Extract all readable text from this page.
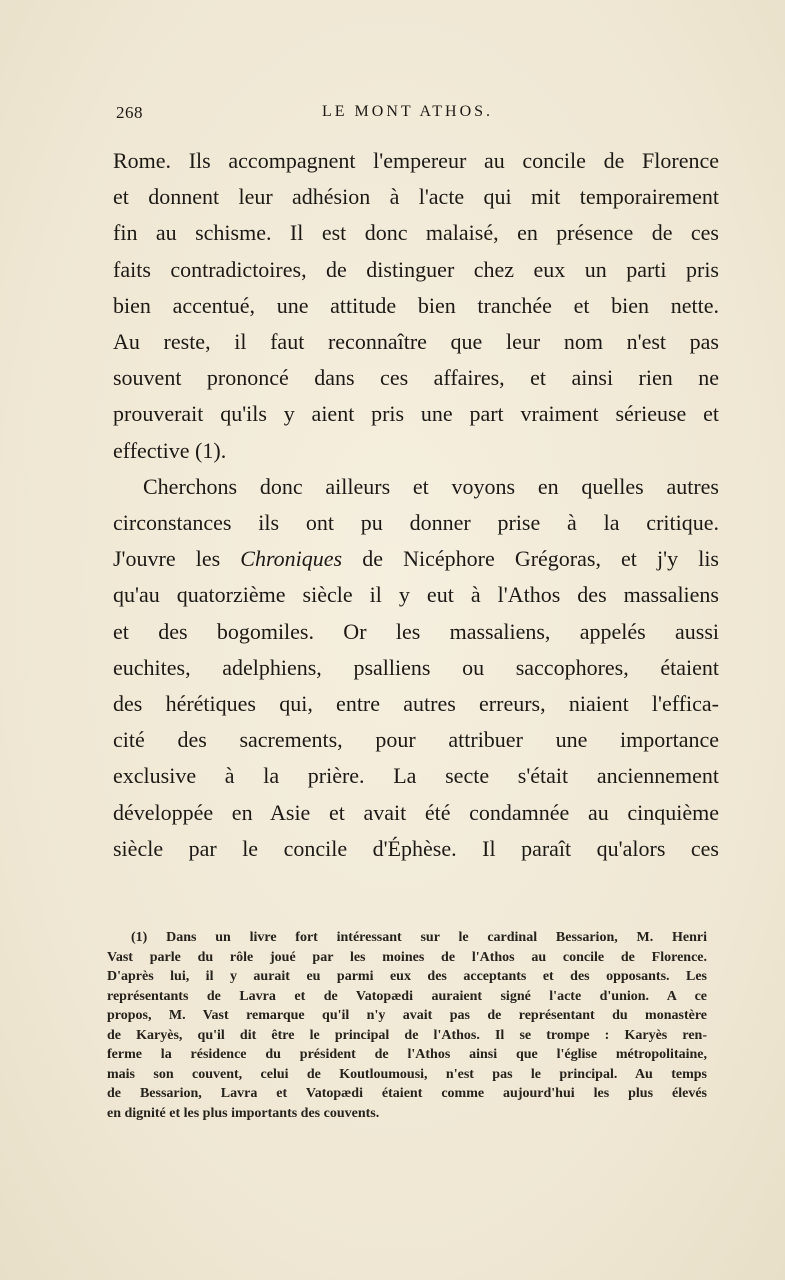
268	LE MONT ATHOS.
Rome. Ils accompagnent l'empereur au concile de Florence
et donnent leur adhésion à l'acte qui mit temporairement
fin au schisme. Il est donc malaisé, en présence de ces
faits contradictoires, de distinguer chez eux un parti pris
bien accentué, une attitude bien tranchée et bien nette.
Au reste, il faut reconnaître que leur nom n'est pas
souvent prononcé dans ces affaires, et ainsi rien ne
prouverait qu'ils y aient pris une part vraiment sérieuse et
effective (1).
Cherchons donc ailleurs et voyons en quelles autres
circonstances ils ont pu donner prise à la critique.
J'ouvre les Chroniques de Nicéphore Grégoras, et j'y lis
qu'au quatorzième siècle il y eut à l'Athos des massaliens
et des bogomiles. Or les massaliens, appelés aussi
euchites, adelphiens, psalliens ou saccophores, étaient
des hérétiques qui, entre autres erreurs, niaient l'effica-
cité des sacrements, pour attribuer une importance
exclusive à la prière. La secte s'était anciennement
développée en Asie et avait été condamnée au cinquième
siècle par le concile d'Éphèse. Il paraît qu'alors ces
(1) Dans un livre fort intéressant sur le cardinal Bessarion, M. Henri
Vast parle du rôle joué par les moines de l'Athos au concile de Florence.
D'après lui, il y aurait eu parmi eux des acceptants et des opposants. Les
représentants de Lavra et de Vatopædi auraient signé l'acte d'union. A ce
propos, M. Vast remarque qu'il n'y avait pas de représentant du monastère
de Karyès, qu'il dit être le principal de l'Athos. Il se trompe : Karyès ren-
ferme la résidence du président de l'Athos ainsi que l'église métropolitaine,
mais son couvent, celui de Koutloumousi, n'est pas le principal. Au temps
de Bessarion, Lavra et Vatopædi étaient comme aujourd'hui les plus élevés
en dignité et les plus importants des couvents.
